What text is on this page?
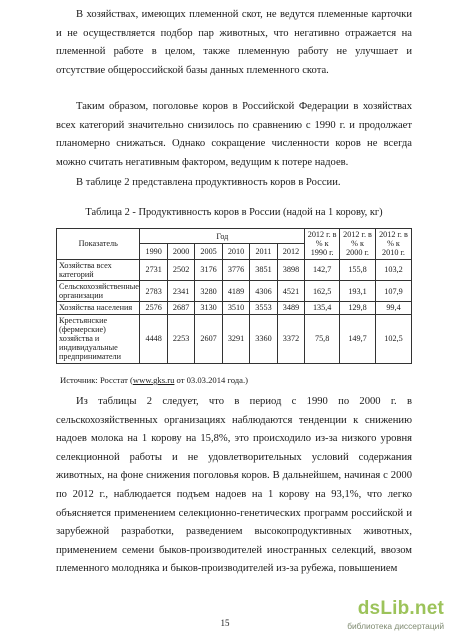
В хозяйствах, имеющих племенной скот, не ведутся племенные карточки и не осуществляется подбор пар животных, что негативно отражается на племенной работе в целом, также племенную работу не улучшает и отсутствие общероссийской базы данных племенного скота.

Таким образом, поголовье коров в Российской Федерации в хозяйствах всех категорий значительно снизилось по сравнению с 1990 г. и продолжает планомерно снижаться. Однако сокращение численности коров не всегда можно считать негативным фактором, ведущим к потере надоев.

В таблице 2 представлена продуктивность коров в России.

Таблица 2 - Продуктивность коров в России (надой на 1 корову, кг)

Показатель	Год						2012 г. в % к 1990 г.	2012 г. в % к 2000 г.	2012 г. в % к 2010 г.
	1990	2000	2005	2010	2011	2012			
Хозяйства всех категорий	2731	2502	3176	3776	3851	3898	142,7	155,8	103,2
Сельскохозяйственные организации	2783	2341	3280	4189	4306	4521	162,5	193,1	107,9
Хозяйства населения	2576	2687	3130	3510	3553	3489	135,4	129,8	99,4
Крестьянские (фермерские) хозяйства и индивидуальные предприниматели	4448	2253	2607	3291	3360	3372	75,8	149,7	102,5

Источник: Росстат (www.gks.ru от 03.03.2014 года.)

Из таблицы 2 следует, что в период с 1990 по 2000 г. в сельскохозяйственных организациях наблюдаются тенденции к снижению надоев молока на 1 корову на 15,8%, это происходило из-за низкого уровня селекционной работы и не удовлетворительных условий содержания животных, на фоне снижения поголовья коров. В дальнейшем, начиная с 2000 по 2012 г., наблюдается подъем надоев на 1 корову на 93,1%, что легко объясняется применением селекционно-генетических программ российской и зарубежной разработки, разведением высокопродуктивных животных, применением семени быков-производителей иностранных селекций, ввозом племенного молодняка и быков-производителей из-за рубежа, повышением

15
dsLib.net
библиотека диссертаций
